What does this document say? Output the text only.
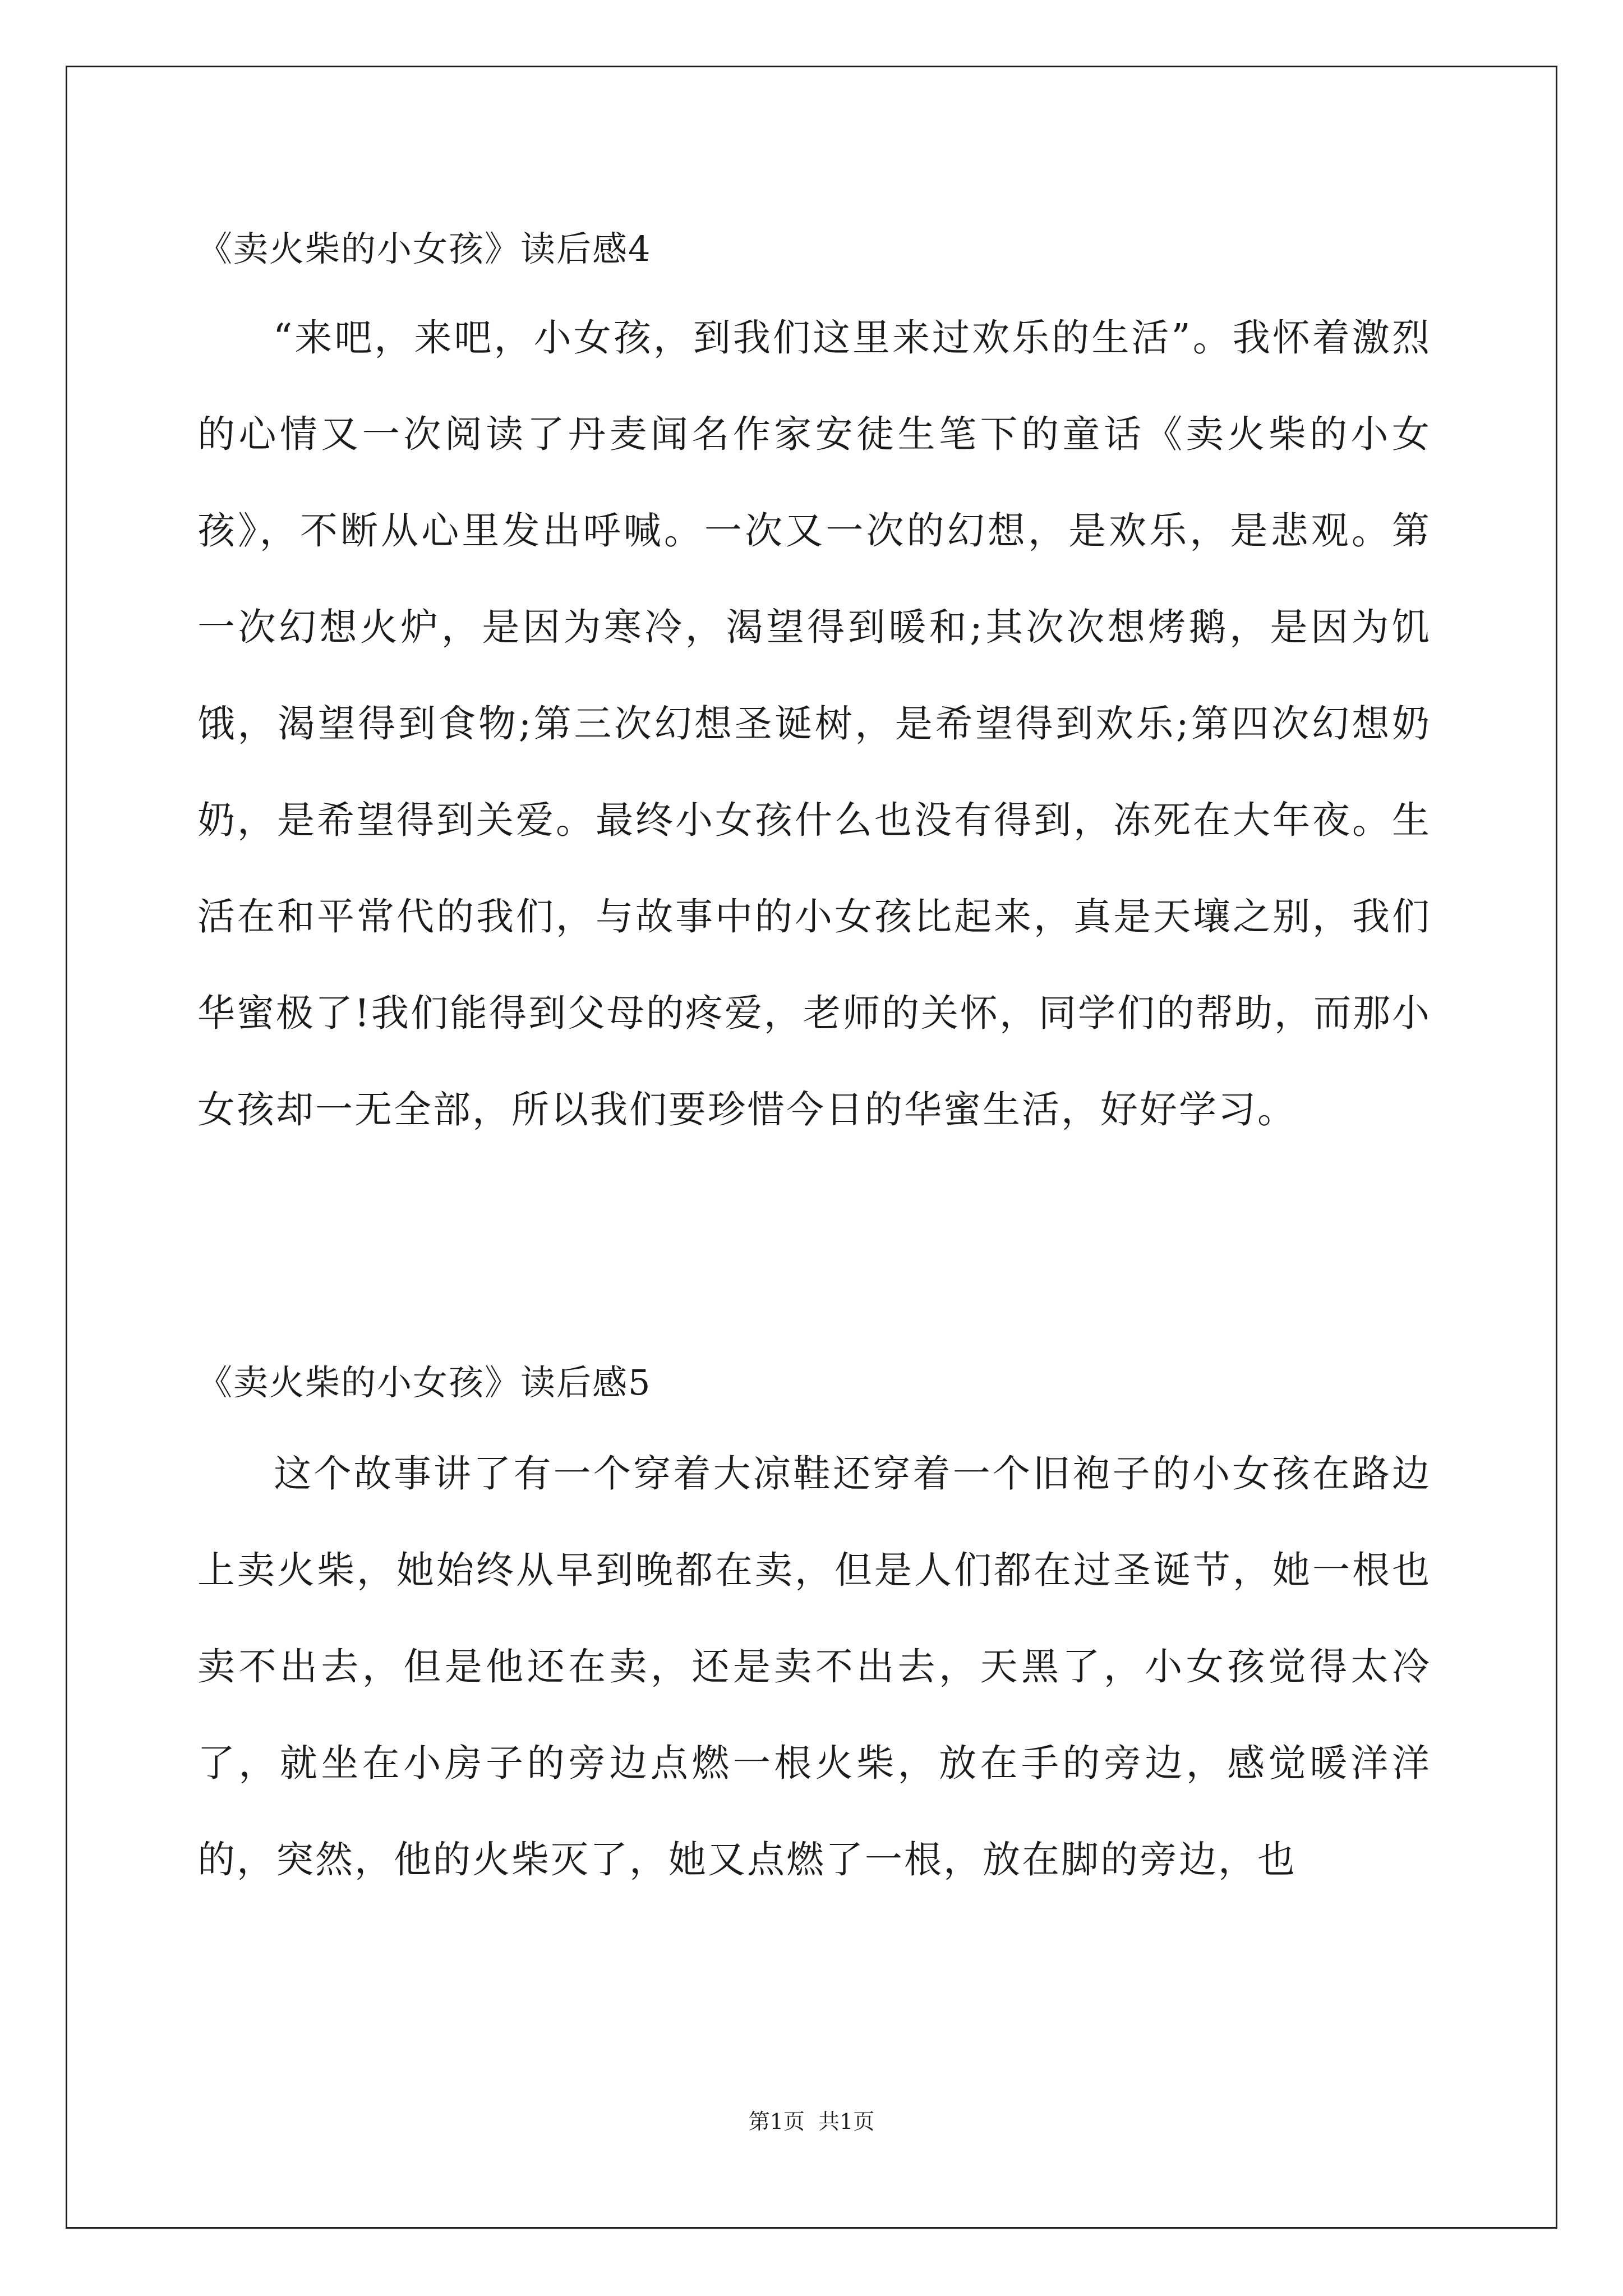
《卖火柴的小女孩》读后感4

“来吧，来吧，小女孩，到我们这里来过欢乐的生活”。我怀着激烈的心情又一次阅读了丹麦闻名作家安徒生笔下的童话《卖火柴的小女孩》，不断从心里发出呼喊。一次又一次的幻想，是欢乐，是悲观。第一次幻想火炉，是因为寒冷，渴望得到暖和;其次次想烤鹅，是因为饥饿，渴望得到食物;第三次幻想圣诞树，是希望得到欢乐;第四次幻想奶奶，是希望得到关爱。最终小女孩什么也没有得到，冻死在大年夜。生活在和平常代的我们，与故事中的小女孩比起来，真是天壤之别，我们华蜜极了!我们能得到父母的疼爱，老师的关怀，同学们的帮助，而那小女孩却一无全部，所以我们要珍惜今日的华蜜生活，好好学习。

《卖火柴的小女孩》读后感5

这个故事讲了有一个穿着大凉鞋还穿着一个旧袍子的小女孩在路边上卖火柴，她始终从早到晚都在卖，但是人们都在过圣诞节，她一根也卖不出去，但是他还在卖，还是卖不出去，天黑了，小女孩觉得太冷了，就坐在小房子的旁边点燃一根火柴，放在手的旁边，感觉暖洋洋的，突然，他的火柴灭了，她又点燃了一根，放在脚的旁边，也

第1页 共1页
